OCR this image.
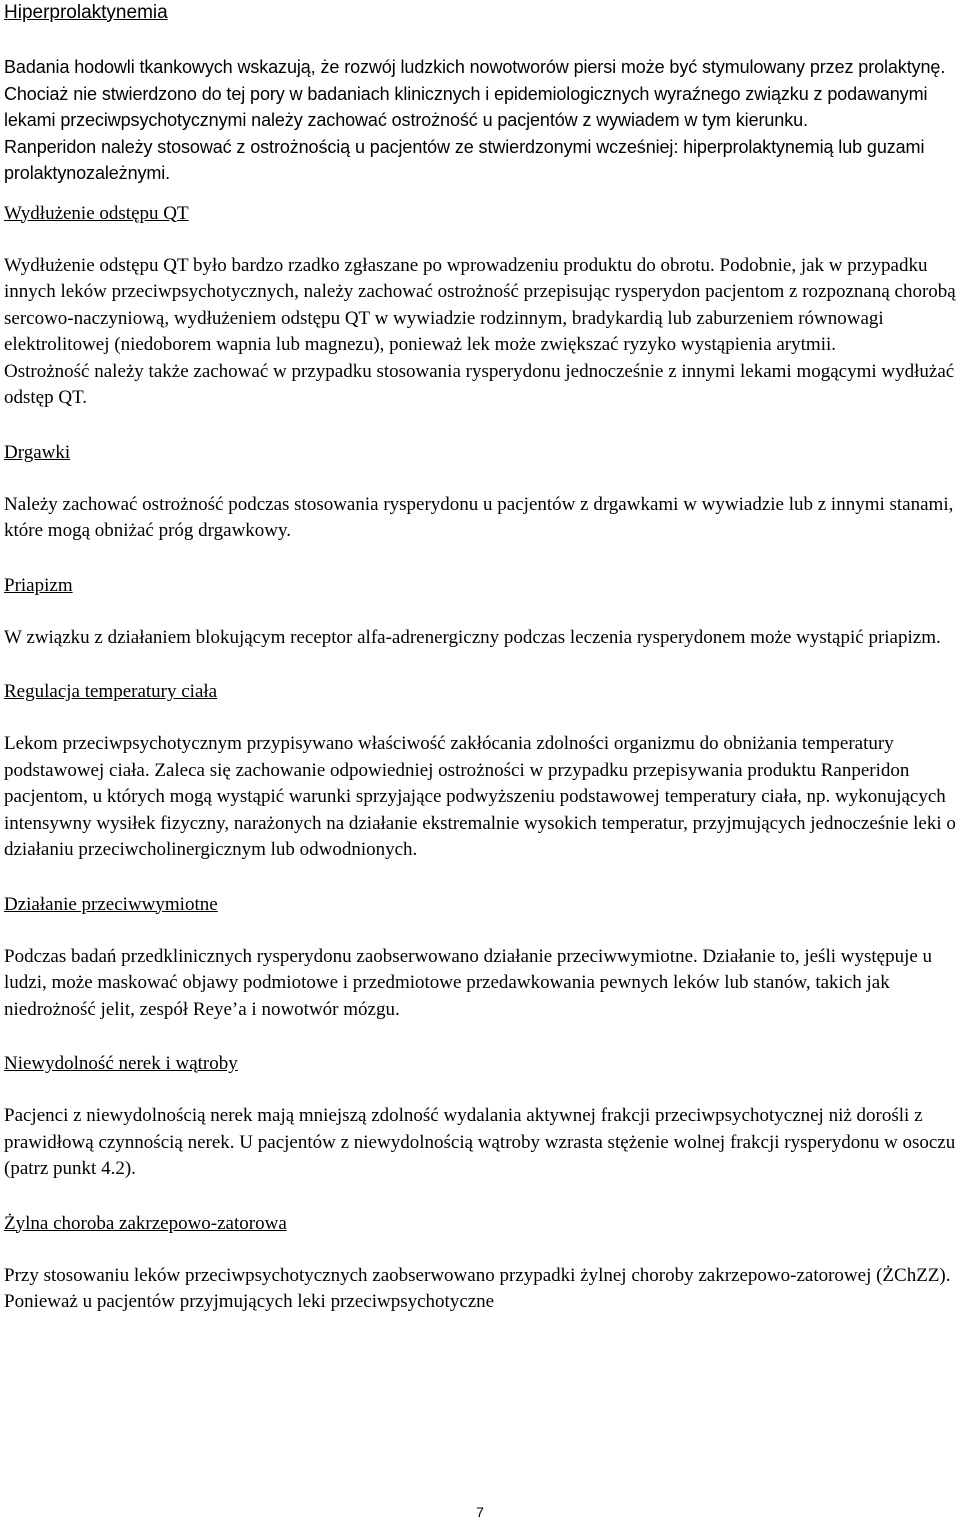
Hiperprolaktynemia

Badania hodowli tkankowych wskazują, że rozwój ludzkich nowotworów piersi może być stymulowany przez prolaktynę. Chociaż nie stwierdzono do tej pory w badaniach klinicznych i epidemiologicznych wyraźnego związku z podawanymi lekami przeciwpsychotycznymi należy zachować ostrożność u pacjentów z wywiadem w tym kierunku.

Ranperidon należy stosować z ostrożnością u pacjentów ze stwierdzonymi wcześniej: hiperprolaktynemią lub guzami prolaktynozależnymi.

Wydłużenie odstępu QT

Wydłużenie odstępu QT było bardzo rzadko zgłaszane po wprowadzeniu produktu do obrotu. Podobnie, jak w przypadku innych leków przeciwpsychotycznych, należy zachować ostrożność przepisując rysperydon pacjentom z rozpoznaną chorobą sercowo-naczyniową, wydłużeniem odstępu QT w wywiadzie rodzinnym, bradykardią lub zaburzeniem równowagi elektrolitowej (niedoborem wapnia lub magnezu), ponieważ lek może zwiększać ryzyko wystąpienia arytmii.

Ostrożność należy także zachować w przypadku stosowania rysperydonu jednocześnie z innymi lekami mogącymi wydłużać odstęp QT.

Drgawki

Należy zachować ostrożność podczas stosowania rysperydonu u pacjentów z drgawkami w wywiadzie lub z innymi stanami, które mogą obniżać próg drgawkowy.

Priapizm

W związku z działaniem blokującym receptor alfa-adrenergiczny podczas leczenia rysperydonem może wystąpić priapizm.

Regulacja temperatury ciała

Lekom przeciwpsychotycznym przypisywano właściwość zakłócania zdolności organizmu do obniżania temperatury podstawowej ciała. Zaleca się zachowanie odpowiedniej ostrożności w przypadku przepisywania produktu Ranperidon pacjentom, u których mogą wystąpić warunki sprzyjające podwyższeniu podstawowej temperatury ciała, np. wykonujących intensywny wysiłek fizyczny, narażonych na działanie ekstremalnie wysokich temperatur, przyjmujących jednocześnie leki o działaniu przeciwcholinergicznym lub odwodnionych.

Działanie przeciwwymiotne

Podczas badań przedklinicznych rysperydonu zaobserwowano działanie przeciwwymiotne. Działanie to, jeśli występuje u ludzi, może maskować objawy podmiotowe i przedmiotowe przedawkowania pewnych leków lub stanów, takich jak niedrożność jelit, zespół Reye’a i nowotwór mózgu.

Niewydolność nerek i wątroby

Pacjenci z niewydolnością nerek mają mniejszą zdolność wydalania aktywnej frakcji przeciwpsychotycznej niż dorośli z prawidłową czynnością nerek. U pacjentów z niewydolnością wątroby wzrasta stężenie wolnej frakcji rysperydonu w osoczu (patrz punkt 4.2).

Żylna choroba zakrzepowo-zatorowa

Przy stosowaniu leków przeciwpsychotycznych zaobserwowano przypadki żylnej choroby zakrzepowo-zatorowej (ŻChZZ). Ponieważ u pacjentów przyjmujących leki przeciwpsychotyczne

7
